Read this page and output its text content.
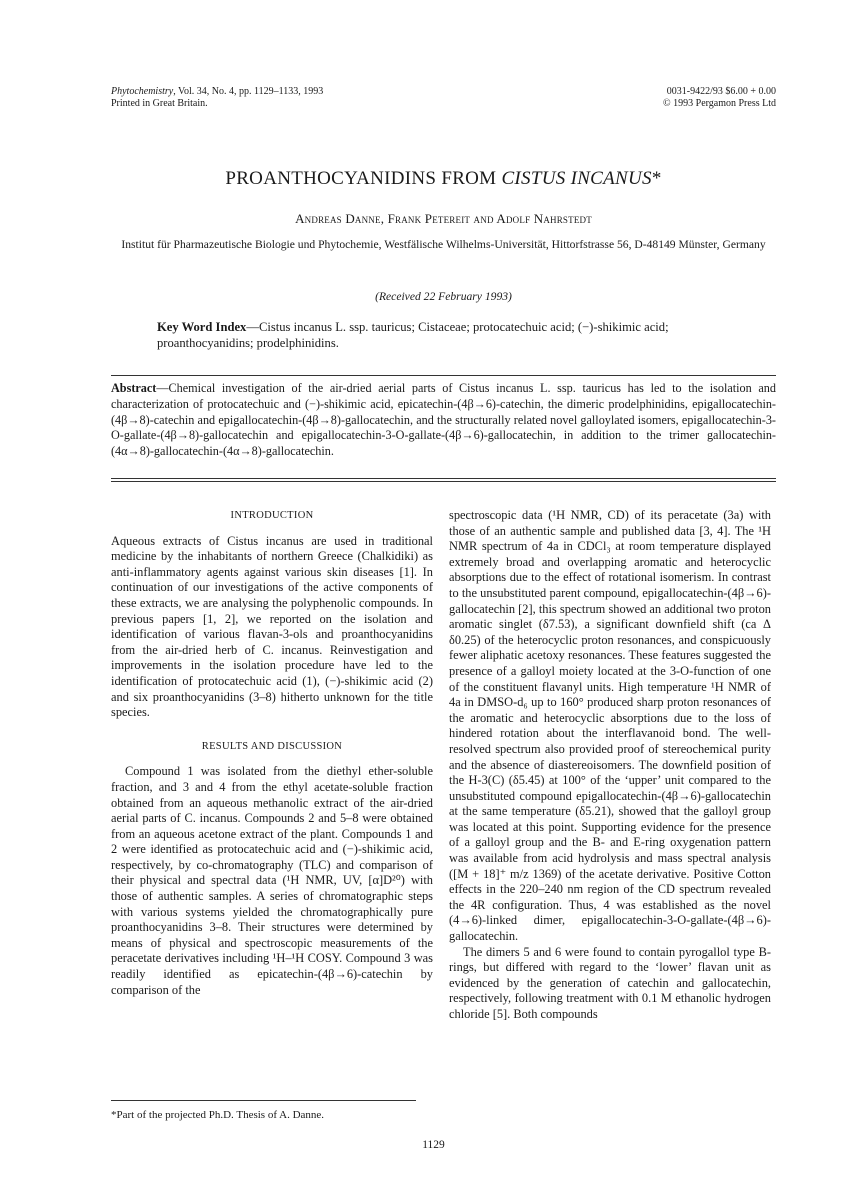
Phytochemistry, Vol. 34, No. 4, pp. 1129–1133, 1993
Printed in Great Britain.
0031-9422/93 $6.00 + 0.00
© 1993 Pergamon Press Ltd
PROANTHOCYANIDINS FROM CISTUS INCANUS*
Andreas Danne, Frank Petereit and Adolf Nahrstedt
Institut für Pharmazeutische Biologie und Phytochemie, Westfälische Wilhelms-Universität, Hittorfstrasse 56, D-48149 Münster, Germany
(Received 22 February 1993)
Key Word Index—Cistus incanus L. ssp. tauricus; Cistaceae; protocatechuic acid; (−)-shikimic acid; proanthocyanidins; prodelphinidins.
Abstract—Chemical investigation of the air-dried aerial parts of Cistus incanus L. ssp. tauricus has led to the isolation and characterization of protocatechuic and (−)-shikimic acid, epicatechin-(4β→6)-catechin, the dimeric prodelphinidins, epigallocatechin-(4β→8)-catechin and epigallocatechin-(4β→8)-gallocatechin, and the structurally related novel galloylated isomers, epigallocatechin-3-O-gallate-(4β→8)-gallocatechin and epigallocatechin-3-O-gallate-(4β→6)-gallocatechin, in addition to the trimer gallocatechin-(4α→8)-gallocatechin-(4α→8)-gallocatechin.
INTRODUCTION

Aqueous extracts of Cistus incanus are used in traditional medicine by the inhabitants of northern Greece (Chalkidiki) as anti-inflammatory agents against various skin diseases [1]. In continuation of our investigations of the active components of these extracts, we are analysing the polyphenolic compounds. In previous papers [1, 2], we reported on the isolation and identification of various flavan-3-ols and proanthocyanidins from the air-dried herb of C. incanus. Reinvestigation and improvements in the isolation procedure have led to the identification of protocatechuic acid (1), (−)-shikimic acid (2) and six proanthocyanidins (3–8) hitherto unknown for the title species.

RESULTS AND DISCUSSION

Compound 1 was isolated from the diethyl ether-soluble fraction, and 3 and 4 from the ethyl acetate-soluble fraction obtained from an aqueous methanolic extract of the air-dried aerial parts of C. incanus. Compounds 2 and 5–8 were obtained from an aqueous acetone extract of the plant. Compounds 1 and 2 were identified as protocatechuic acid and (−)-shikimic acid, respectively, by co-chromatography (TLC) and comparison of their physical and spectral data (¹H NMR, UV, [α]D²⁰) with those of authentic samples. A series of chromatographic steps with various systems yielded the chromatographically pure proanthocyanidins 3–8. Their structures were determined by means of physical and spectroscopic measurements of the peracetate derivatives including ¹H–¹H COSY. Compound 3 was readily identified as epicatechin-(4β→6)-catechin by comparison of the

spectroscopic data (¹H NMR, CD) of its peracetate (3a) with those of an authentic sample and published data [3, 4]. The ¹H NMR spectrum of 4a in CDCl₃ at room temperature displayed extremely broad and overlapping aromatic and heterocyclic absorptions due to the effect of rotational isomerism. In contrast to the unsubstituted parent compound, epigallocatechin-(4β→6)-gallocatechin [2], this spectrum showed an additional two proton aromatic singlet (δ7.53), a significant downfield shift (ca Δ δ0.25) of the heterocyclic proton resonances, and conspicuously fewer aliphatic acetoxy resonances. These features suggested the presence of a galloyl moiety located at the 3-O-function of one of the constituent flavanyl units. High temperature ¹H NMR of 4a in DMSO-d₆ up to 160° produced sharp proton resonances of the aromatic and heterocyclic absorptions due to the loss of hindered rotation about the interflavanoid bond. The well-resolved spectrum also provided proof of stereochemical purity and the absence of diastereoisomers. The downfield position of the H-3(C) (δ5.45) at 100° of the ‘upper’ unit compared to the unsubstituted compound epigallocatechin-(4β→6)-gallocatechin at the same temperature (δ5.21), showed that the galloyl group was located at this point. Supporting evidence for the presence of a galloyl group and the B- and E-ring oxygenation pattern was available from acid hydrolysis and mass spectral analysis ([M + 18]⁺ m/z 1369) of the acetate derivative. Positive Cotton effects in the 220–240 nm region of the CD spectrum revealed the 4R configuration. Thus, 4 was established as the novel (4→6)-linked dimer, epigallocatechin-3-O-gallate-(4β→6)-gallocatechin.

The dimers 5 and 6 were found to contain pyrogallol type B-rings, but differed with regard to the ‘lower’ flavan unit as evidenced by the generation of catechin and gallocatechin, respectively, following treatment with 0.1 M ethanolic hydrogen chloride [5]. Both compounds

*Part of the projected Ph.D. Thesis of A. Danne.
1129
